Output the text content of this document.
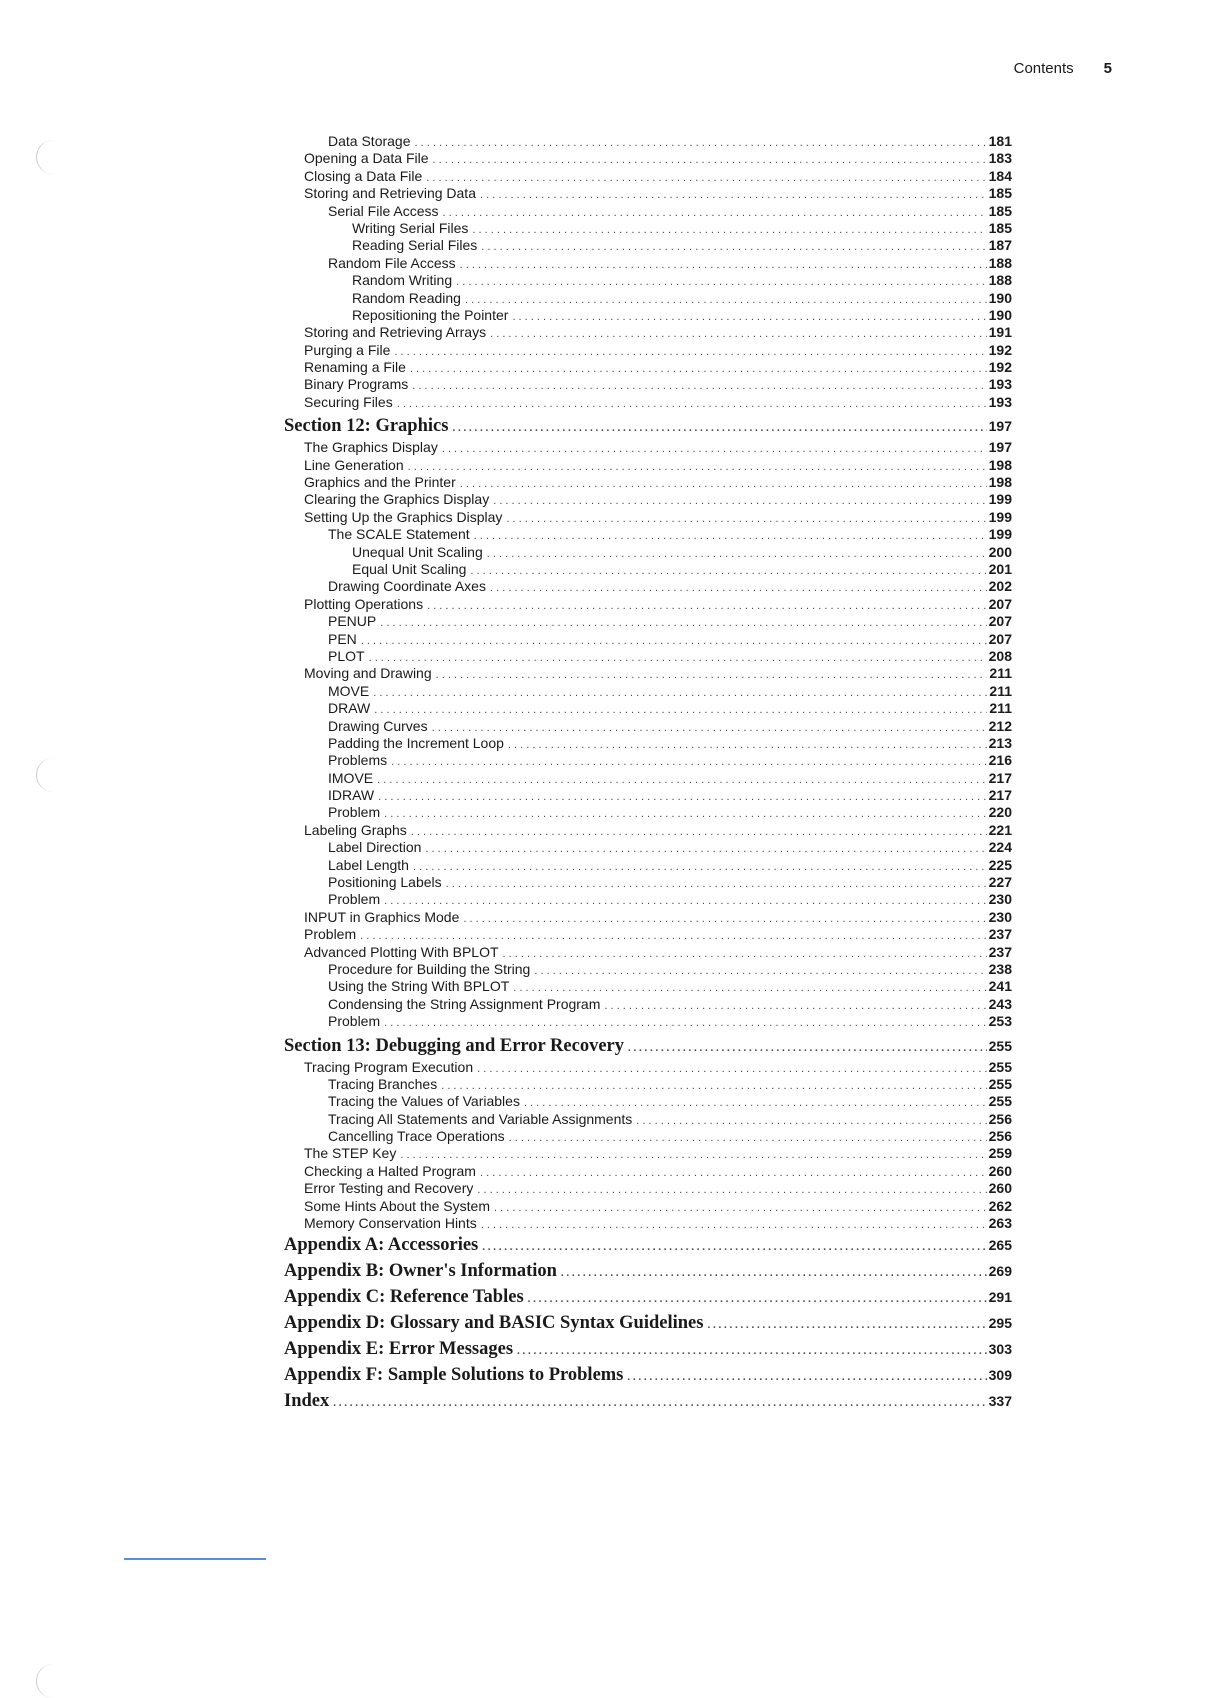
Contents 5
Data Storage . . .	181
Opening a Data File . . .	183
Closing a Data File . . .	184
Storing and Retrieving Data . . .	185
Serial File Access . . .	185
Writing Serial Files . . .	185
Reading Serial Files . . .	187
Random File Access . . .	188
Random Writing . . .	188
Random Reading . . .	190
Repositioning the Pointer . . .	190
Storing and Retrieving Arrays . . .	191
Purging a File . . .	192
Renaming a File . . .	192
Binary Programs . . .	193
Securing Files . . .	193
Section 12: Graphics . . .	197
The Graphics Display . . .	197
Line Generation . . .	198
Graphics and the Printer . . .	198
Clearing the Graphics Display . . .	199
Setting Up the Graphics Display . . .	199
The SCALE Statement . . .	199
Unequal Unit Scaling . . .	200
Equal Unit Scaling . . .	201
Drawing Coordinate Axes . . .	202
Plotting Operations . . .	207
PENUP . . .	207
PEN . . .	207
PLOT . . .	208
Moving and Drawing . . .	211
MOVE . . .	211
DRAW . . .	211
Drawing Curves . . .	212
Padding the Increment Loop . . .	213
Problems . . .	216
IMOVE . . .	217
IDRAW . . .	217
Problem . . .	220
Labeling Graphs . . .	221
Label Direction . . .	224
Label Length . . .	225
Positioning Labels . . .	227
Problem . . .	230
INPUT in Graphics Mode . . .	230
Problem . . .	237
Advanced Plotting With BPLOT . . .	237
Procedure for Building the String . . .	238
Using the String With BPLOT . . .	241
Condensing the String Assignment Program . . .	243
Problem . . .	253
Section 13: Debugging and Error Recovery . . .	255
Tracing Program Execution . . .	255
Tracing Branches . . .	255
Tracing the Values of Variables . . .	255
Tracing All Statements and Variable Assignments . . .	256
Cancelling Trace Operations . . .	256
The STEP Key . . .	259
Checking a Halted Program . . .	260
Error Testing and Recovery . . .	260
Some Hints About the System . . .	262
Memory Conservation Hints . . .	263
Appendix A: Accessories . . .	265
Appendix B: Owner's Information . . .	269
Appendix C: Reference Tables . . .	291
Appendix D: Glossary and BASIC Syntax Guidelines . . .	295
Appendix E: Error Messages . . .	303
Appendix F: Sample Solutions to Problems . . .	309
Index . . .	337
